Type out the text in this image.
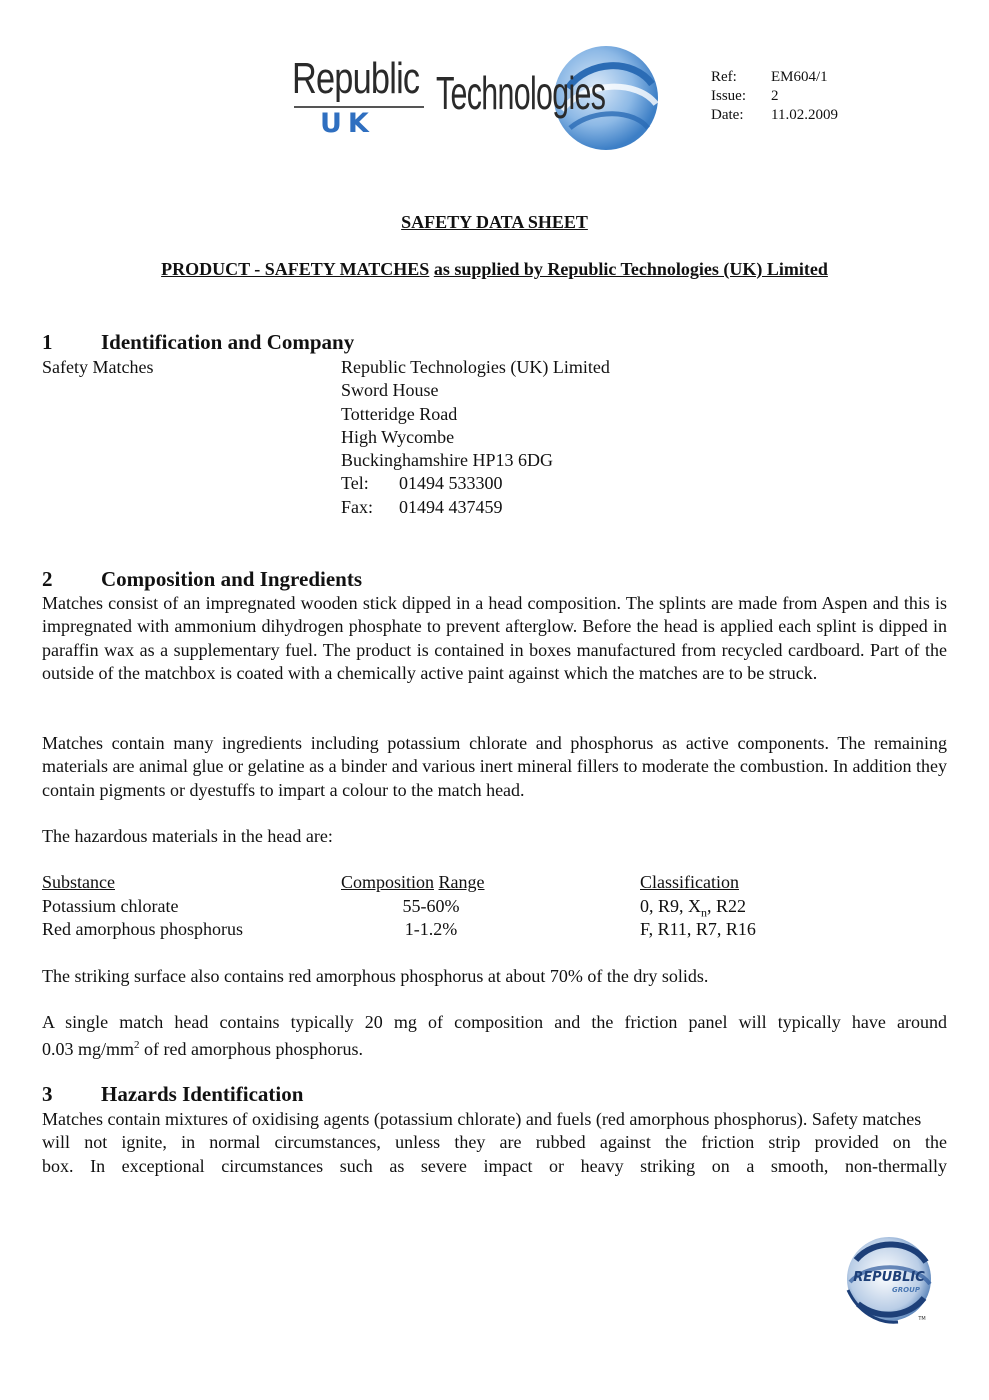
Republic
UK
Technologies	Ref: EM604/1
Issue: 2
Date: 11.02.2009
SAFETY DATA SHEET
PRODUCT - SAFETY MATCHES as supplied by Republic Technologies (UK) Limited
1 Identification and Company
Safety Matches	Republic Technologies (UK) Limited
Sword House
Totteridge Road
High Wycombe
Buckinghamshire HP13 6DG
Tel: 01494 533300
Fax: 01494 437459
2 Composition and Ingredients
Matches consist of an impregnated wooden stick dipped in a head composition. The splints are made from Aspen and this is impregnated with ammonium dihydrogen phosphate to prevent afterglow. Before the head is applied each splint is dipped in paraffin wax as a supplementary fuel. The product is contained in boxes manufactured from recycled cardboard. Part of the outside of the matchbox is coated with a chemically active paint against which the matches are to be struck.
Matches contain many ingredients including potassium chlorate and phosphorus as active components. The remaining materials are animal glue or gelatine as a binder and various inert mineral fillers to moderate the combustion. In addition they contain pigments or dyestuffs to impart a colour to the match head.
The hazardous materials in the head are:
Substance	Composition Range	Classification
Potassium chlorate	55-60%	0, R9, $X_n$, R22
Red amorphous phosphorus	1-1.2%	F, R11, R7, R16
The striking surface also contains red amorphous phosphorus at about 70% of the dry solids.
A single match head contains typically 20 mg of composition and the friction panel will typically have around
0.03 $mg/mm^2$ of red amorphous phosphorus.
3 Hazards Identification
Matches contain mixtures of oxidising agents (potassium chlorate) and fuels (red amorphous phosphorus). Safety matches will not ignite, in normal circumstances, unless they are rubbed against the friction strip provided on the
box. In exceptional circumstances such as severe impact or heavy striking on a smooth, non-thermally
REPUBLIC
GROUP
TM
